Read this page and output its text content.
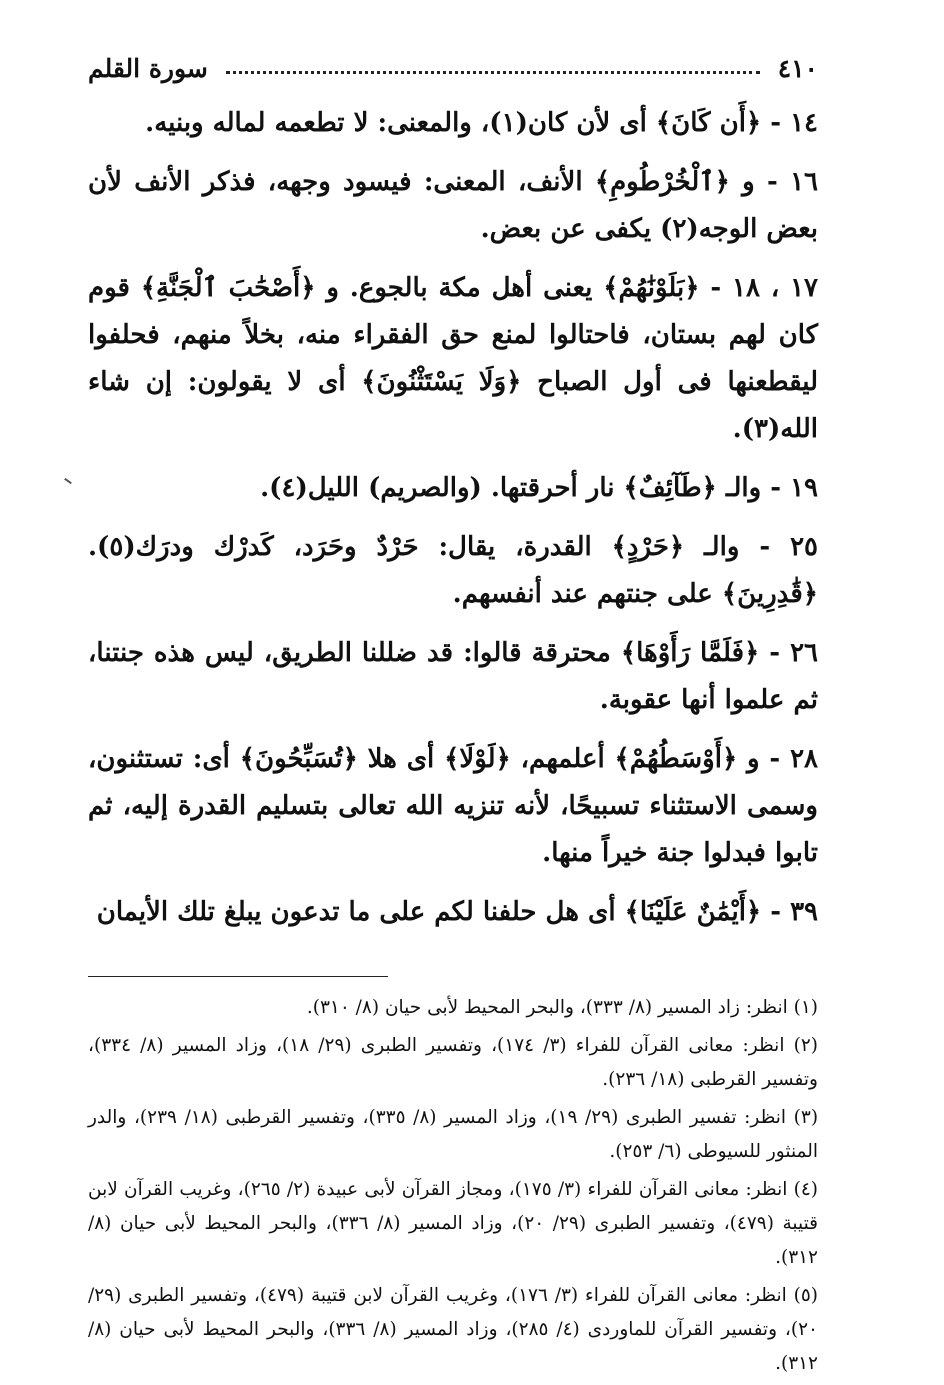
٤١٠
سورة القلم
١٤ - ﴿أَن كَانَ﴾ أى لأن كان(١)، والمعنى: لا تطعمه لماله وبنيه.
١٦ - و ﴿ٱلْخُرْطُومِ﴾ الأنف، المعنى: فيسود وجهه، فذكر الأنف لأن بعض الوجه(٢) يكفى عن بعض.
١٧ ، ١٨ - ﴿بَلَوْنَٰهُمْ﴾ يعنى أهل مكة بالجوع. و ﴿أَصْحَٰبَ ٱلْجَنَّةِ﴾ قوم كان لهم بستان، فاحتالوا لمنع حق الفقراء منه، بخلاً منهم، فحلفوا ليقطعنها فى أول الصباح ﴿وَلَا يَسْتَثْنُونَ﴾ أى لا يقولون: إن شاء الله(٣).
١٩ - والـ ﴿طَآئِفٌ﴾ نار أحرقتها. (والصريم) الليل(٤).
٢٥ - والـ ﴿حَرْدٍ﴾ القدرة، يقال: حَرْدٌ وحَرَد، كَدرْك ودرَك(٥). ﴿قَٰدِرِينَ﴾ على جنتهم عند أنفسهم.
٢٦ - ﴿فَلَمَّا رَأَوْهَا﴾ محترقة قالوا: قد ضللنا الطريق، ليس هذه جنتنا، ثم علموا أنها عقوبة.
٢٨ - و ﴿أَوْسَطُهُمْ﴾ أعلمهم، ﴿لَوْلَا﴾ أى هلا ﴿تُسَبِّحُونَ﴾ أى: تستثنون، وسمى الاستثناء تسبيحًا، لأنه تنزيه الله تعالى بتسليم القدرة إليه، ثم تابوا فبدلوا جنة خيراً منها.
٣٩ - ﴿أَيْمَٰنٌ عَلَيْنَا﴾ أى هل حلفنا لكم على ما تدعون يبلغ تلك الأيمان
(١) انظر: زاد المسير (٨/ ٣٣٣)، والبحر المحيط لأبى حيان (٨/ ٣١٠).
(٢) انظر: معانى القرآن للفراء (٣/ ١٧٤)، وتفسير الطبرى (٢٩/ ١٨)، وزاد المسير (٨/ ٣٣٤)، وتفسير القرطبى (١٨/ ٢٣٦).
(٣) انظر: تفسير الطبرى (٢٩/ ١٩)، وزاد المسير (٨/ ٣٣٥)، وتفسير القرطبى (١٨/ ٢٣٩)، والدر المنثور للسيوطى (٦/ ٢٥٣).
(٤) انظر: معانى القرآن للفراء (٣/ ١٧٥)، ومجاز القرآن لأبى عبيدة (٢/ ٢٦٥)، وغريب القرآن لابن قتيبة (٤٧٩)، وتفسير الطبرى (٢٩/ ٢٠)، وزاد المسير (٨/ ٣٣٦)، والبحر المحيط لأبى حيان (٨/ ٣١٢).
(٥) انظر: معانى القرآن للفراء (٣/ ١٧٦)، وغريب القرآن لابن قتيبة (٤٧٩)، وتفسير الطبرى (٢٩/ ٢٠)، وتفسير القرآن للماوردى (٤/ ٢٨٥)، وزاد المسير (٨/ ٣٣٦)، والبحر المحيط لأبى حيان (٨/ ٣١٢).
